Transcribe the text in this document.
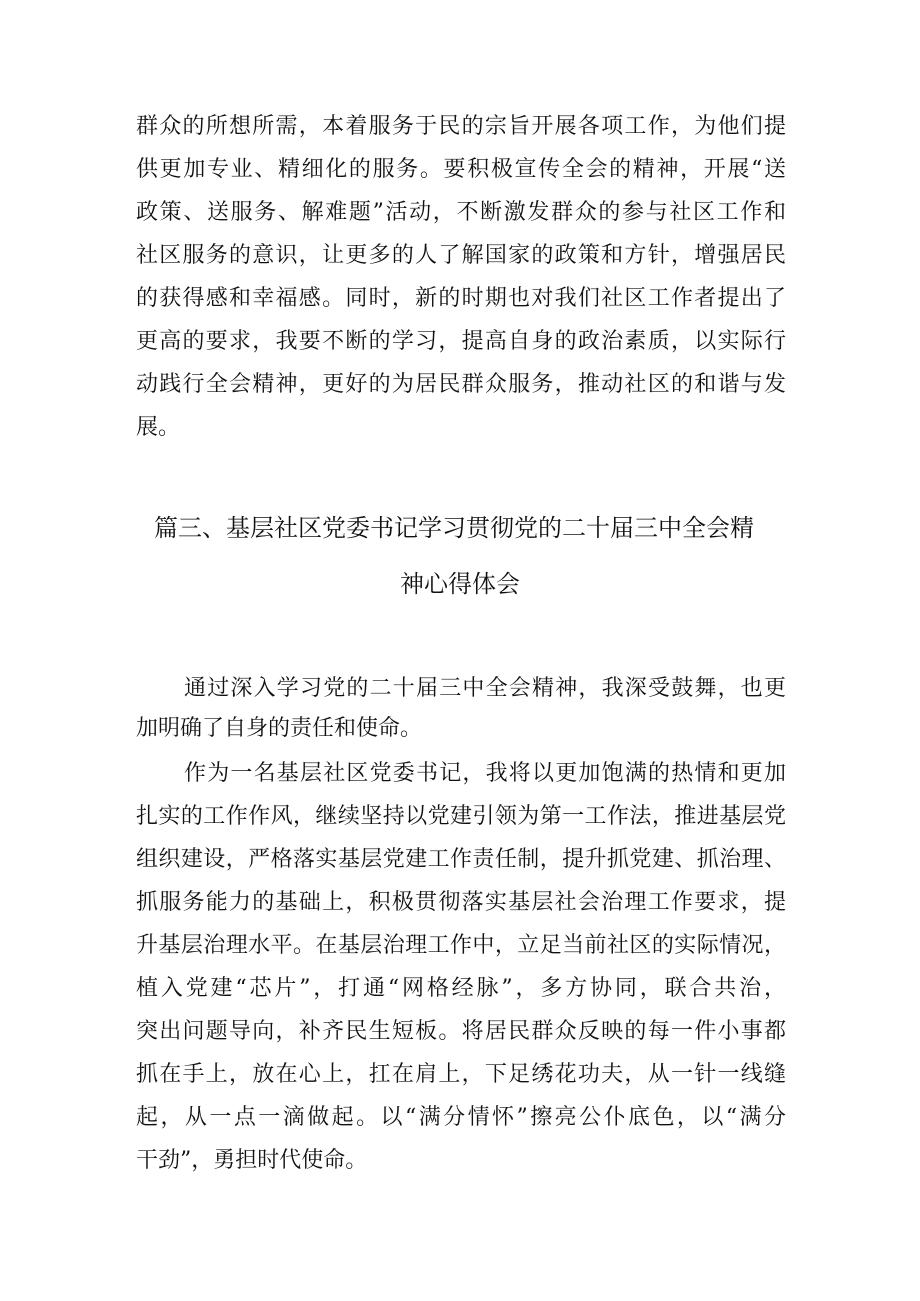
群众的所想所需，本着服务于民的宗旨开展各项工作，为他们提
供更加专业、精细化的服务。要积极宣传全会的精神，开展“送
政策、送服务、解难题”活动，不断激发群众的参与社区工作和
社区服务的意识，让更多的人了解国家的政策和方针，增强居民
的获得感和幸福感。同时，新的时期也对我们社区工作者提出了
更高的要求，我要不断的学习，提高自身的政治素质，以实际行
动践行全会精神，更好的为居民群众服务，推动社区的和谐与发
展。
篇三、基层社区党委书记学习贯彻党的二十届三中全会精
神心得体会
通过深入学习党的二十届三中全会精神，我深受鼓舞，也更
加明确了自身的责任和使命。
作为一名基层社区党委书记，我将以更加饱满的热情和更加
扎实的工作作风，继续坚持以党建引领为第一工作法，推进基层党
组织建设，严格落实基层党建工作责任制，提升抓党建、抓治理、
抓服务能力的基础上，积极贯彻落实基层社会治理工作要求，提
升基层治理水平。在基层治理工作中，立足当前社区的实际情况，
植入党建“芯片”，打通“网格经脉”，多方协同，联合共治，
突出问题导向，补齐民生短板。将居民群众反映的每一件小事都
抓在手上，放在心上，扛在肩上，下足绣花功夫，从一针一线缝
起，从一点一滴做起。以“满分情怀”擦亮公仆底色，以“满分
干劲”，勇担时代使命。
